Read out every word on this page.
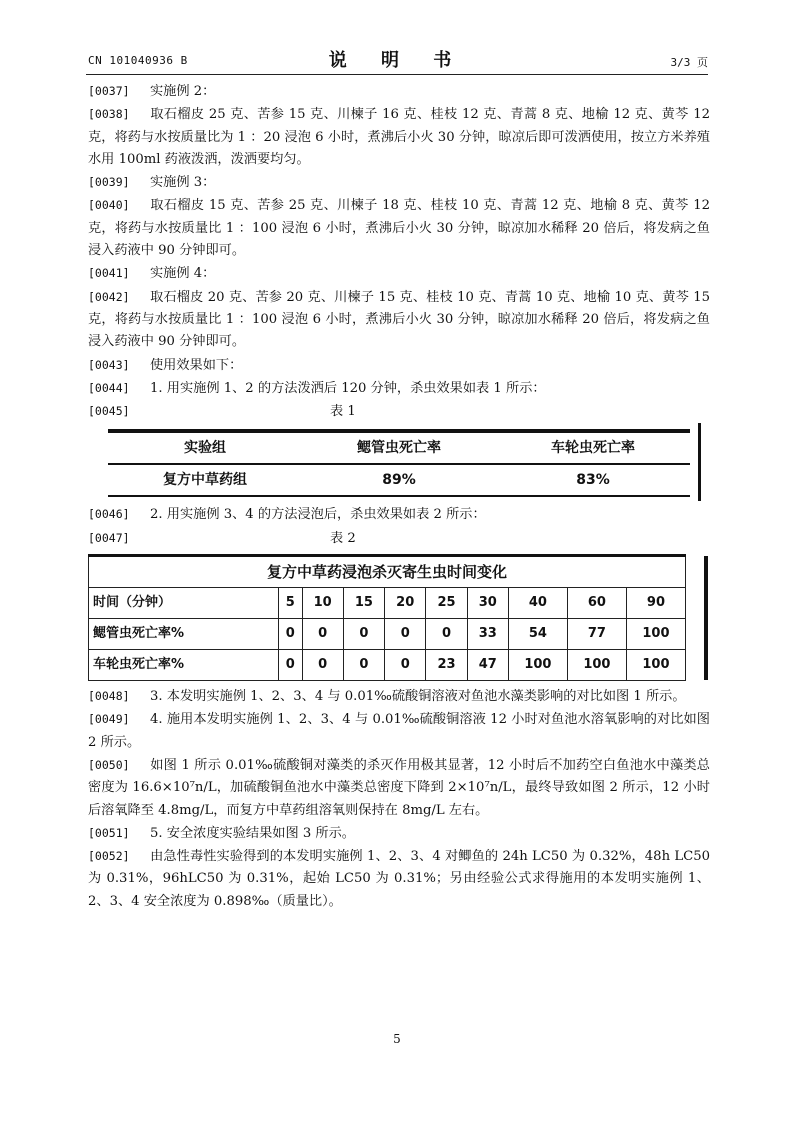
CN 101040936 B	说 明 书	3/3 页

[0037] 实施例 2：

[0038] 取石榴皮 25 克、苦参 15 克、川楝子 16 克、桂枝 12 克、青蒿 8 克、地榆 12 克、黄芩 12 克，将药与水按质量比为 1 ：20 浸泡 6 小时，煮沸后小火 30 分钟，晾凉后即可泼洒使用，按立方米养殖水用 100ml 药液泼洒，泼洒要均匀。

[0039] 实施例 3：

[0040] 取石榴皮 15 克、苦参 25 克、川楝子 18 克、桂枝 10 克、青蒿 12 克、地榆 8 克、黄芩 12 克，将药与水按质量比 1 ：100 浸泡 6 小时，煮沸后小火 30 分钟，晾凉加水稀释 20 倍后，将发病之鱼浸入药液中 90 分钟即可。

[0041] 实施例 4：

[0042] 取石榴皮 20 克、苦参 20 克、川楝子 15 克、桂枝 10 克、青蒿 10 克、地榆 10 克、黄芩 15 克，将药与水按质量比 1 ：100 浸泡 6 小时，煮沸后小火 30 分钟，晾凉加水稀释 20 倍后，将发病之鱼浸入药液中 90 分钟即可。

[0043] 使用效果如下：

[0044] 1. 用实施例 1、2 的方法泼洒后 120 分钟，杀虫效果如表 1 所示：

[0045]	表 1

实验组	鳃管虫死亡率	车轮虫死亡率
复方中草药组	89%	83%

[0046] 2. 用实施例 3、4 的方法浸泡后，杀虫效果如表 2 所示：

[0047]	表 2

复方中草药浸泡杀灭寄生虫时间变化									
时间（分钟）	5	10	15	20	25	30	40	60	90
鳃管虫死亡率%	0	0	0	0	0	33	54	77	100
车轮虫死亡率%	0	0	0	0	23	47	100	100	100

[0048] 3. 本发明实施例 1、2、3、4 与 0.01‰硫酸铜溶液对鱼池水藻类影响的对比如图 1 所示。

[0049] 4. 施用本发明实施例 1、2、3、4 与 0.01‰硫酸铜溶液 12 小时对鱼池水溶氧影响的对比如图 2 所示。

[0050] 如图 1 所示 0.01‰硫酸铜对藻类的杀灭作用极其显著，12 小时后不加药空白鱼池水中藻类总密度为 16.6×10⁷n/L，加硫酸铜鱼池水中藻类总密度下降到 2×10⁷n/L，最终导致如图 2 所示，12 小时后溶氧降至 4.8mg/L，而复方中草药组溶氧则保持在 8mg/L 左右。

[0051] 5. 安全浓度实验结果如图 3 所示。

[0052] 由急性毒性实验得到的本发明实施例 1、2、3、4 对鲫鱼的 24h LC50 为 0.32%，48h LC50 为 0.31%，96hLC50 为 0.31%，起始 LC50 为 0.31%；另由经验公式求得施用的本发明实施例 1、2、3、4 安全浓度为 0.898‰（质量比）。

5
